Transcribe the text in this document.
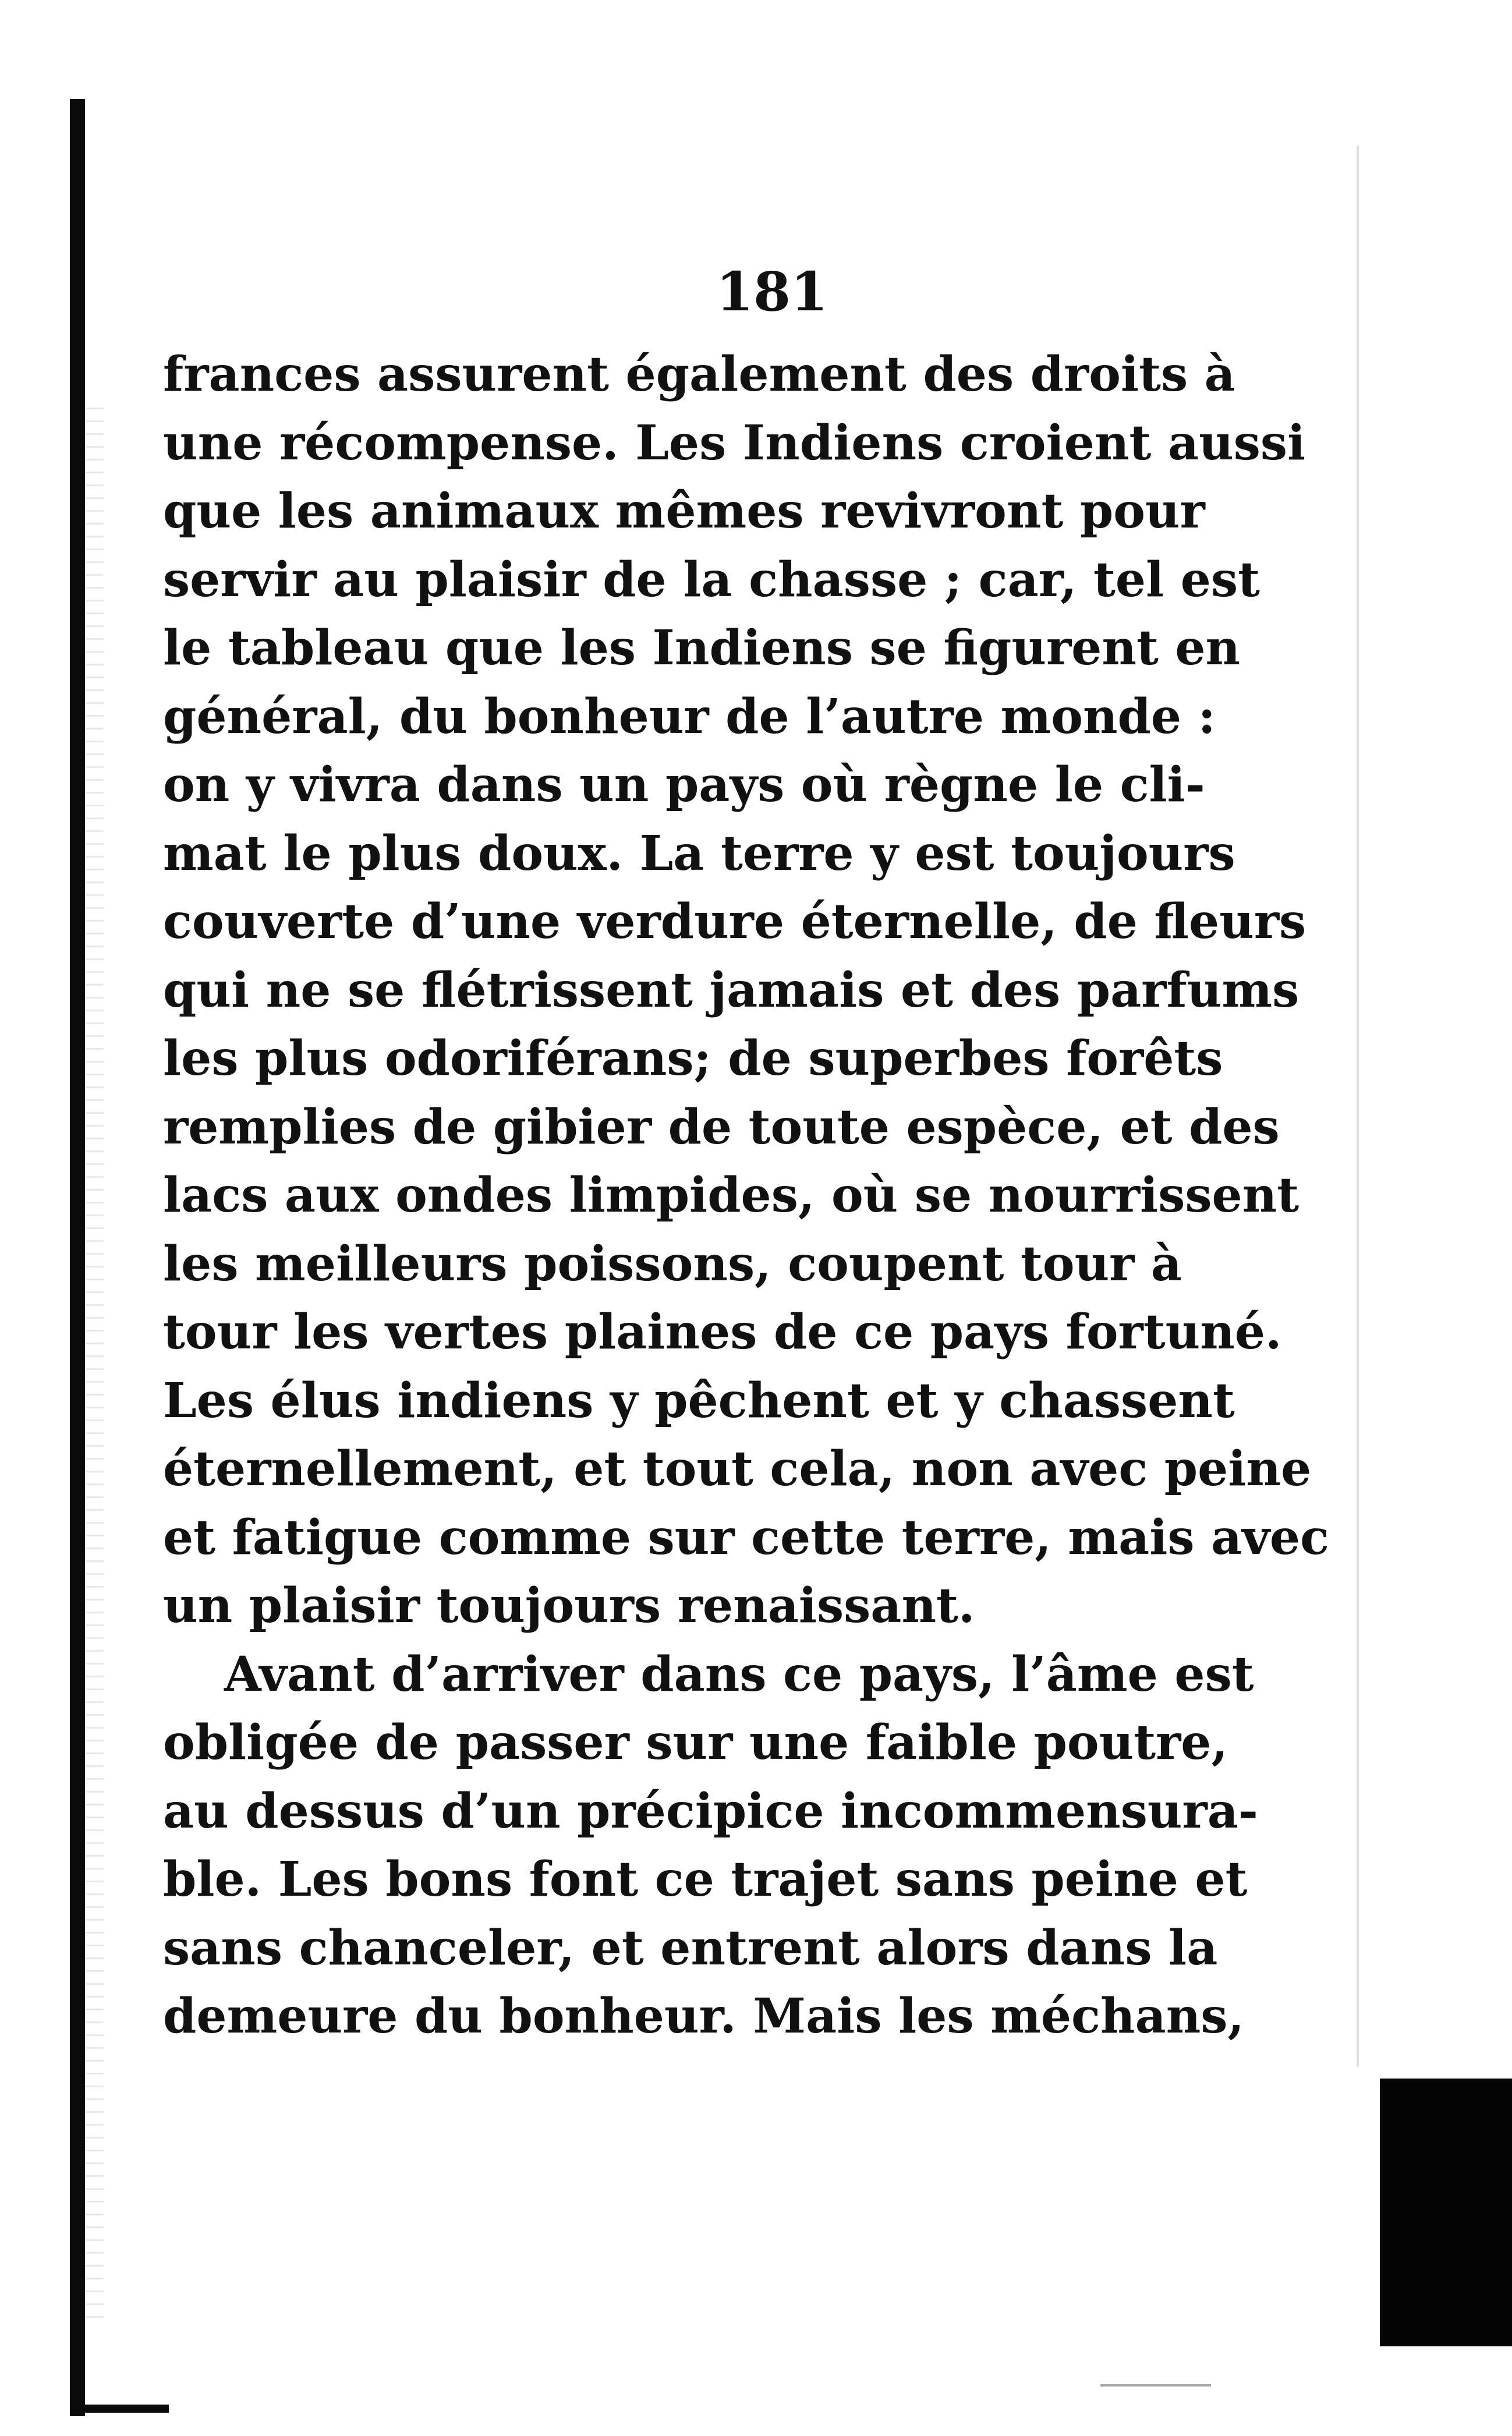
181
frances assurent également des droits à
une récompense. Les Indiens croient aussi
que les animaux mêmes revivront pour
servir au plaisir de la chasse ; car, tel est
le tableau que les Indiens se figurent en
général, du bonheur de l’autre monde :
on y vivra dans un pays où règne le cli-
mat le plus doux. La terre y est toujours
couverte d’une verdure éternelle, de fleurs
qui ne se flétrissent jamais et des parfums
les plus odoriférans; de superbes forêts
remplies de gibier de toute espèce, et des
lacs aux ondes limpides, où se nourrissent
les meilleurs poissons, coupent tour à
tour les vertes plaines de ce pays fortuné.
Les élus indiens y pêchent et y chassent
éternellement, et tout cela, non avec peine
et fatigue comme sur cette terre, mais avec
un plaisir toujours renaissant.
Avant d’arriver dans ce pays, l’âme est
obligée de passer sur une faible poutre,
au dessus d’un précipice incommensura-
ble. Les bons font ce trajet sans peine et
sans chanceler, et entrent alors dans la
demeure du bonheur. Mais les méchans,
